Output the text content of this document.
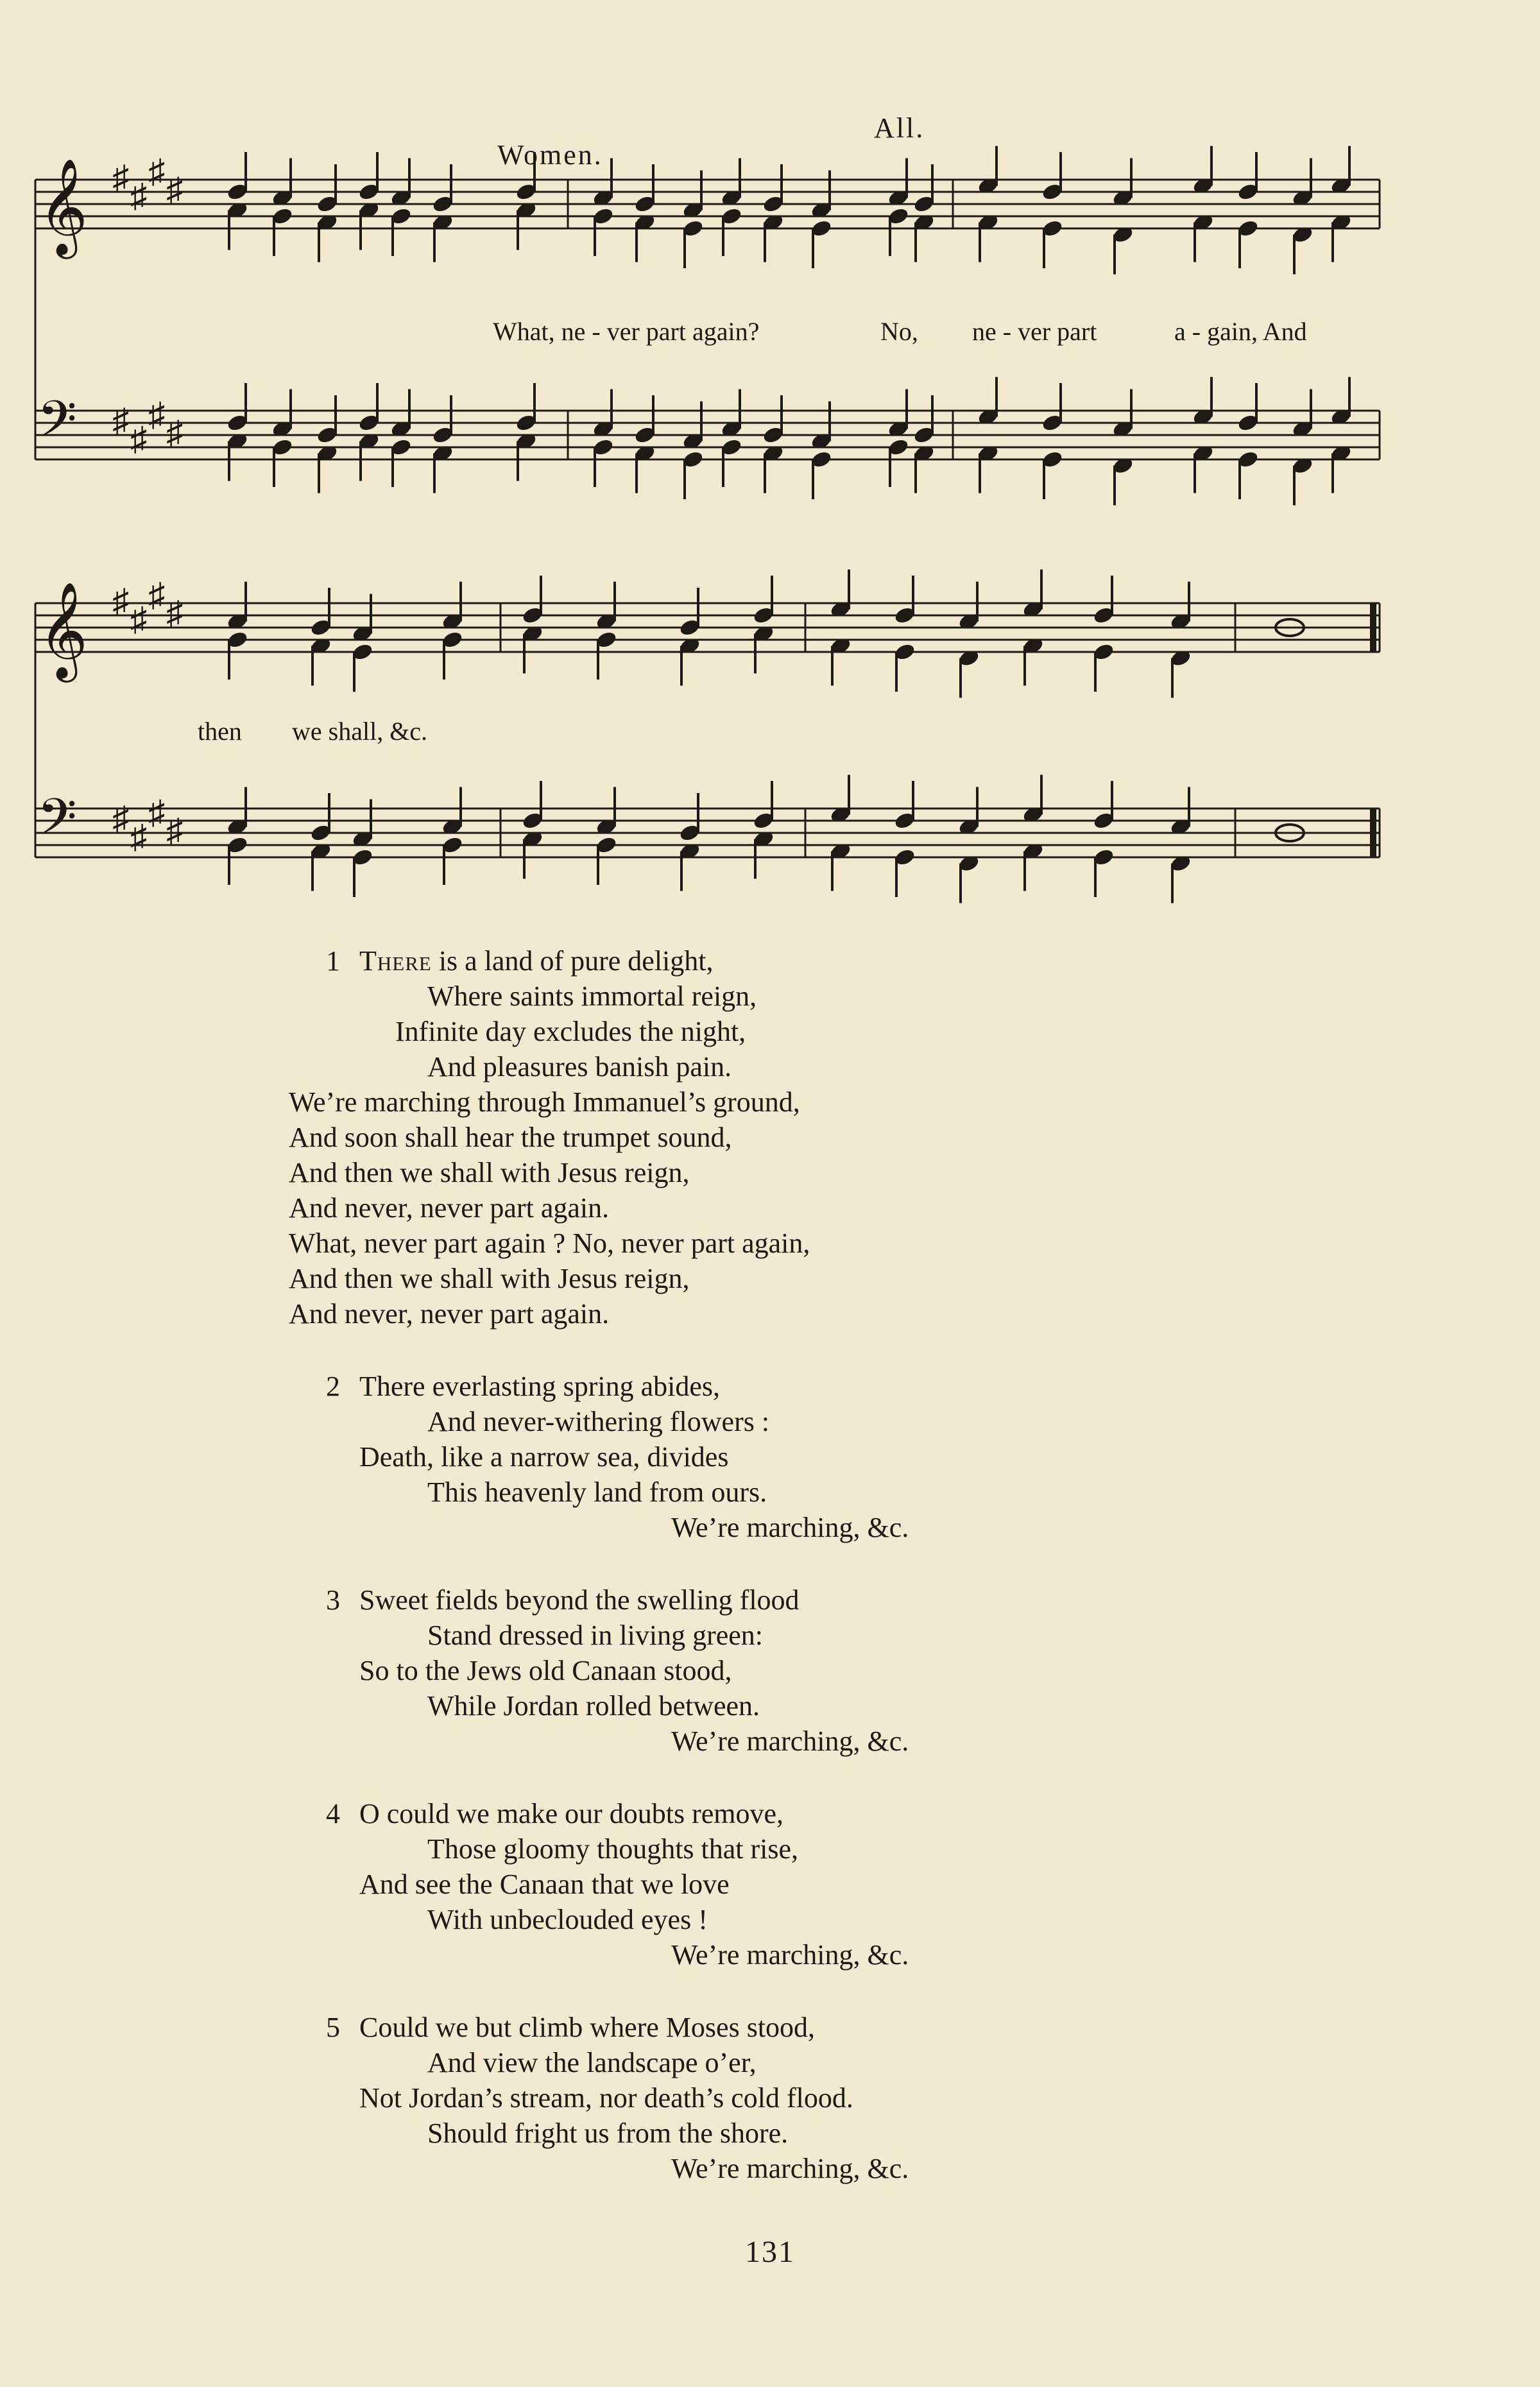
𝄞 ♯ ♯
♯ ♯
𝄢 ♯ ♯
♯ ♯
𝄞 ♯ ♯
♯ ♯
𝄢 ♯ ♯
♯ ♯
Women.
All.
What, ne - ver part again?	No, ne - ver part	a - gain, And
then we shall, &c.
1 There is a land of pure delight,
Where saints immortal reign,
Infinite day excludes the night,
And pleasures banish pain.
We’re marching through Immanuel’s ground,
And soon shall hear the trumpet sound,
And then we shall with Jesus reign,
And never, never part again.
What, never part again ? No, never part again,
And then we shall with Jesus reign,
And never, never part again.
2 There everlasting spring abides,
And never-withering flowers :
Death, like a narrow sea, divides
This heavenly land from ours.
We’re marching, &c.
3 Sweet fields beyond the swelling flood
Stand dressed in living green:
So to the Jews old Canaan stood,
While Jordan rolled between.
We’re marching, &c.
4 O could we make our doubts remove,
Those gloomy thoughts that rise,
And see the Canaan that we love
With unbeclouded eyes !
We’re marching, &c.
5 Could we but climb where Moses stood,
And view the landscape o’er,
Not Jordan’s stream, nor death’s cold flood.
Should fright us from the shore.
We’re marching, &c.
131
